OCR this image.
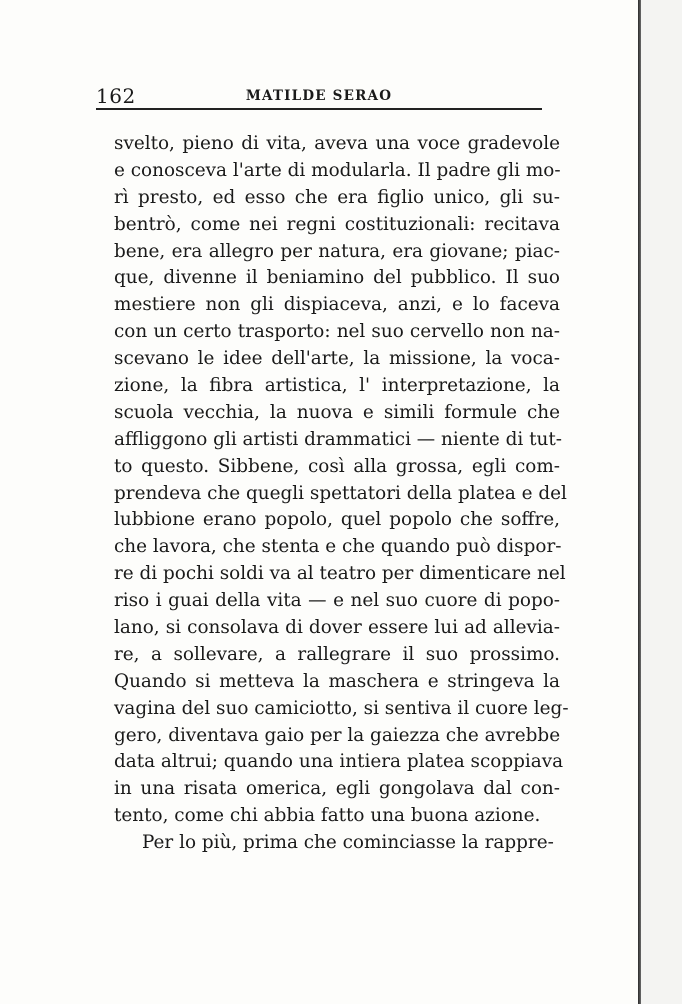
162	MATILDE SERAO
svelto, pieno di vita, aveva una voce gradevole
e conosceva l'arte di modularla. Il padre gli mo-
rì presto, ed esso che era figlio unico, gli su-
bentrò, come nei regni costituzionali: recitava
bene, era allegro per natura, era giovane; piac-
que, divenne il beniamino del pubblico. Il suo
mestiere non gli dispiaceva, anzi, e lo faceva
con un certo trasporto: nel suo cervello non na-
scevano le idee dell'arte, la missione, la voca-
zione, la fibra artistica, l' interpretazione, la
scuola vecchia, la nuova e simili formule che
affliggono gli artisti drammatici — niente di tut-
to questo. Sibbene, così alla grossa, egli com-
prendeva che quegli spettatori della platea e del
lubbione erano popolo, quel popolo che soffre,
che lavora, che stenta e che quando può dispor-
re di pochi soldi va al teatro per dimenticare nel
riso i guai della vita — e nel suo cuore di popo-
lano, si consolava di dover essere lui ad allevia-
re, a sollevare, a rallegrare il suo prossimo.
Quando si metteva la maschera e stringeva la
vagina del suo camiciotto, si sentiva il cuore leg-
gero, diventava gaio per la gaiezza che avrebbe
data altrui; quando una intiera platea scoppiava
in una risata omerica, egli gongolava dal con-
tento, come chi abbia fatto una buona azione.
Per lo più, prima che cominciasse la rappre-
